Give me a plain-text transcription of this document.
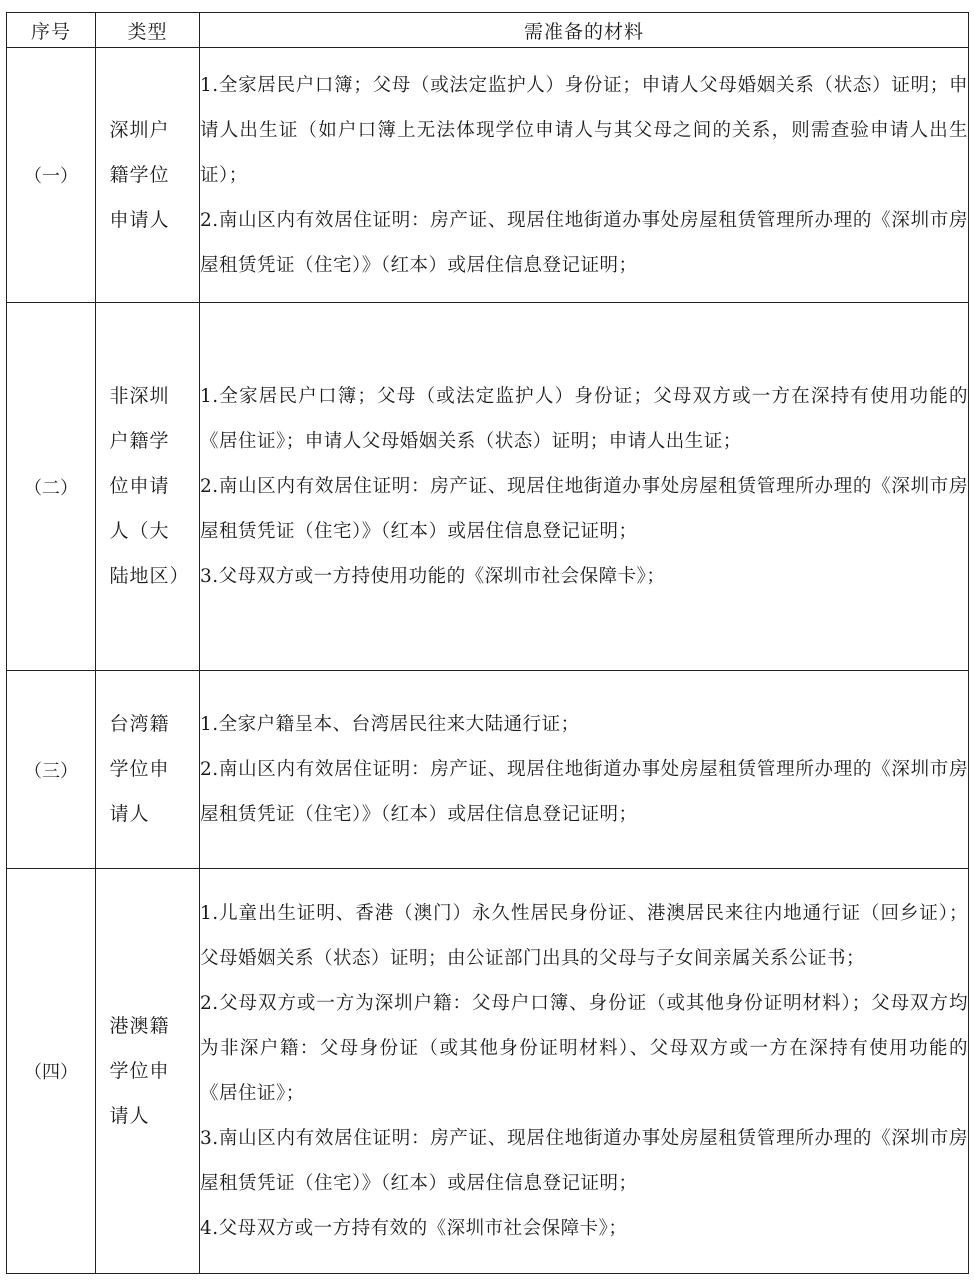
序号	类型	需准备的材料
（一）	深圳户籍学位申请人	1.全家居民户口簿；父母（或法定监护人）身份证；申请人父母婚姻关系（状态）证明；申请人出生证（如户口簿上无法体现学位申请人与其父母之间的关系，则需查验申请人出生证）；

2.南山区内有效居住证明：房产证、现居住地街道办事处房屋租赁管理所办理的《深圳市房屋租赁凭证（住宅）》（红本）或居住信息登记证明；

（二）	非深圳户籍学位申请人（大陆地区）	1.全家居民户口簿；父母（或法定监护人）身份证；父母双方或一方在深持有使用功能的《居住证》；申请人父母婚姻关系（状态）证明；申请人出生证；

2.南山区内有效居住证明：房产证、现居住地街道办事处房屋租赁管理所办理的《深圳市房屋租赁凭证（住宅）》（红本）或居住信息登记证明；

3.父母双方或一方持使用功能的《深圳市社会保障卡》；

（三）	台湾籍学位申请人	1.全家户籍呈本、台湾居民往来大陆通行证；

2.南山区内有效居住证明：房产证、现居住地街道办事处房屋租赁管理所办理的《深圳市房屋租赁凭证（住宅）》（红本）或居住信息登记证明；

（四）	港澳籍学位申请人	1.儿童出生证明、香港（澳门）永久性居民身份证、港澳居民来往内地通行证（回乡证）；父母婚姻关系（状态）证明；由公证部门出具的父母与子女间亲属关系公证书；

2.父母双方或一方为深圳户籍：父母户口簿、身份证（或其他身份证明材料）；父母双方均为非深户籍：父母身份证（或其他身份证明材料）、父母双方或一方在深持有使用功能的《居住证》；

3.南山区内有效居住证明：房产证、现居住地街道办事处房屋租赁管理所办理的《深圳市房屋租赁凭证（住宅）》（红本）或居住信息登记证明；

4.父母双方或一方持有效的《深圳市社会保障卡》；
